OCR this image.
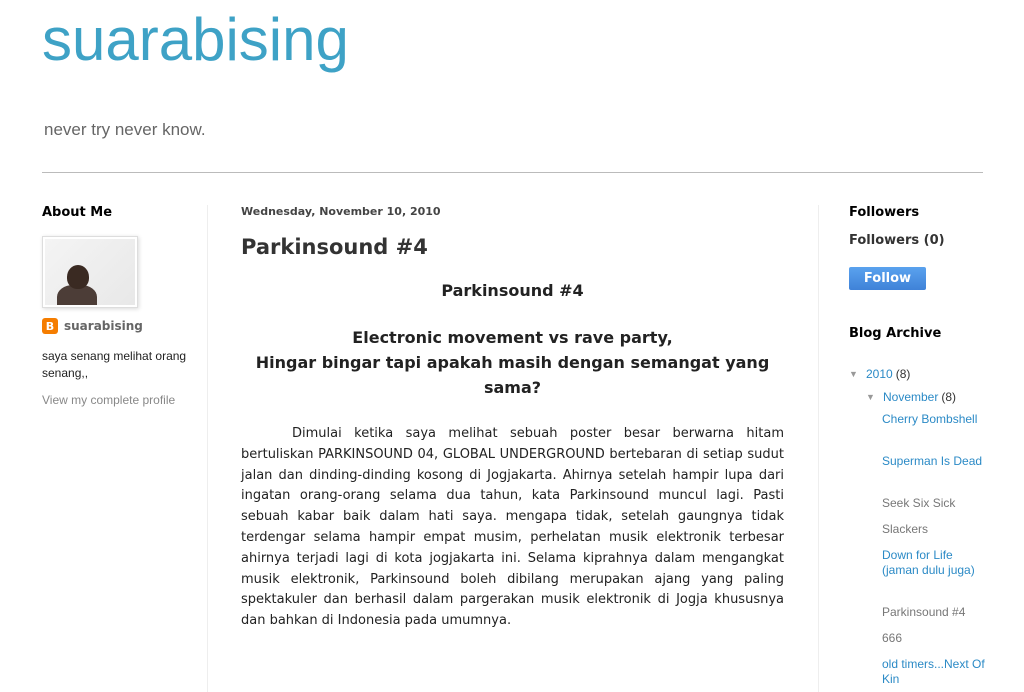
suarabising
never try never know.
About Me
B suarabising
saya senang melihat orang senang,,
View my complete profile
Wednesday, November 10, 2010
Parkinsound #4
Parkinsound #4
Electronic movement vs rave party,
Hingar bingar tapi apakah masih dengan semangat yang sama?

Dimulai ketika saya melihat sebuah poster besar berwarna hitam bertuliskan PARKINSOUND 04, GLOBAL UNDERGROUND bertebaran di setiap sudut jalan dan dinding-dinding kosong di Jogjakarta. Ahirnya setelah hampir lupa dari ingatan orang-orang selama dua tahun, kata Parkinsound muncul lagi. Pasti sebuah kabar baik dalam hati saya. mengapa tidak, setelah gaungnya tidak terdengar selama hampir empat musim, perhelatan musik elektronik terbesar ahirnya terjadi lagi di kota jogjakarta ini. Selama kiprahnya dalam mengangkat musik elektronik, Parkinsound boleh dibilang merupakan ajang yang paling spektakuler dan berhasil dalam pargerakan musik elektronik di Jogja khususnya dan bahkan di Indonesia pada umumnya.

Followers
Followers (0)
Follow
Blog Archive
▼ 2010 (8)
▼ November (8)
Cherry Bombshell
Superman Is Dead
Seek Six Sick
Slackers
Down for Life (jaman dulu juga)
Parkinsound #4
666
old timers...Next Of Kin
